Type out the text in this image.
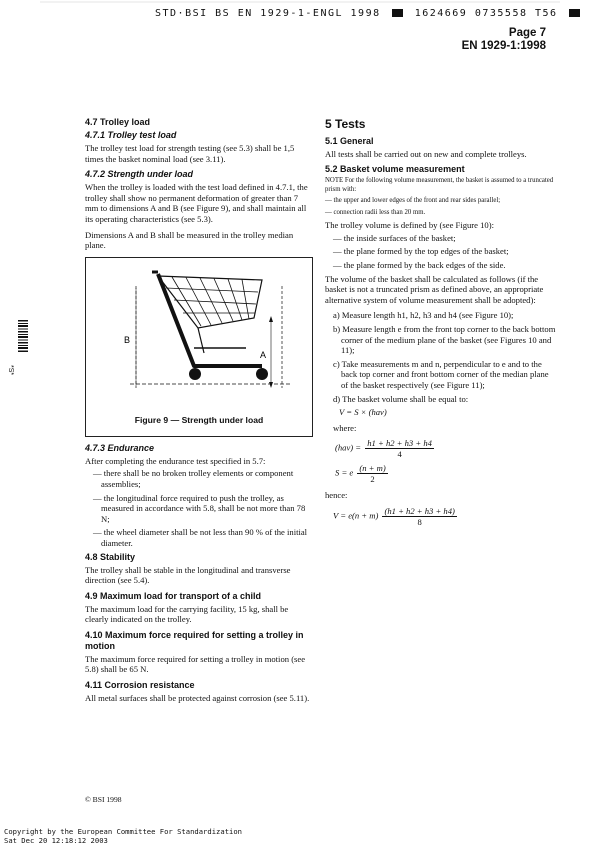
STD·BSI BS EN 1929-1-ENGL 1998	1624669 0735558 T56
Page 7
EN 1929-1:1998
*S*
4.7 Trolley load
4.7.1 Trolley test load

The trolley test load for strength testing (see 5.3) shall be 1,5 times the basket nominal load (see 3.11).

4.7.2 Strength under load

When the trolley is loaded with the test load defined in 4.7.1, the trolley shall show no permanent deformation of greater than 7 mm to dimensions A and B (see Figure 9), and shall maintain all its operating characteristics (see 5.3).

Dimensions A and B shall be measured in the trolley median plane.

B
A
Figure 9 — Strength under load
4.7.3 Endurance

After completing the endurance test specified in 5.7:

— there shall be no broken trolley elements or component assemblies;

— the longitudinal force required to push the trolley, as measured in accordance with 5.8, shall be not more than 78 N;

— the wheel diameter shall be not less than 90 % of the initial diameter.

4.8 Stability

The trolley shall be stable in the longitudinal and transverse direction (see 5.4).

4.9 Maximum load for transport of a child

The maximum load for the carrying facility, 15 kg, shall be clearly indicated on the trolley.

4.10 Maximum force required for setting a trolley in motion

The maximum force required for setting a trolley in motion (see 5.8) shall be 65 N.

4.11 Corrosion resistance

All metal surfaces shall be protected against corrosion (see 5.11).

5 Tests
5.1 General

All tests shall be carried out on new and complete trolleys.

5.2 Basket volume measurement

NOTE For the following volume measurement, the basket is assumed to a truncated prism with:

— the upper and lower edges of the front and rear sides parallel;

— connection radii less than 20 mm.

The trolley volume is defined by (see Figure 10):

— the inside surfaces of the basket;

— the plane formed by the top edges of the basket;

— the plane formed by the back edges of the side.

The volume of the basket shall be calculated as follows (if the basket is not a truncated prism as defined above, an appropriate alternative system of volume measurement shall be adopted):

a) Measure length h1, h2, h3 and h4 (see Figure 10);

b) Measure length e from the front top corner to the back bottom corner of the medium plane of the basket (see Figures 10 and 11);

c) Take measurements m and n, perpendicular to e and to the back top corner and front bottom corner of the median plane of the basket respectively (see Figure 11);

d) The basket volume shall be equal to:

V = S × (hav)

where:

$(hav) = \frac{h1 + h2 + h3 + h4}{4}$
S = e $\frac{(n + m)}{2}$

hence:

$V = e(n + m) \frac{(h1 + h2 + h3 + h4)}{8}$
© BSI 1998
Copyright by the European Committee For Standardization
Sat Dec 20 12:18:12 2003
